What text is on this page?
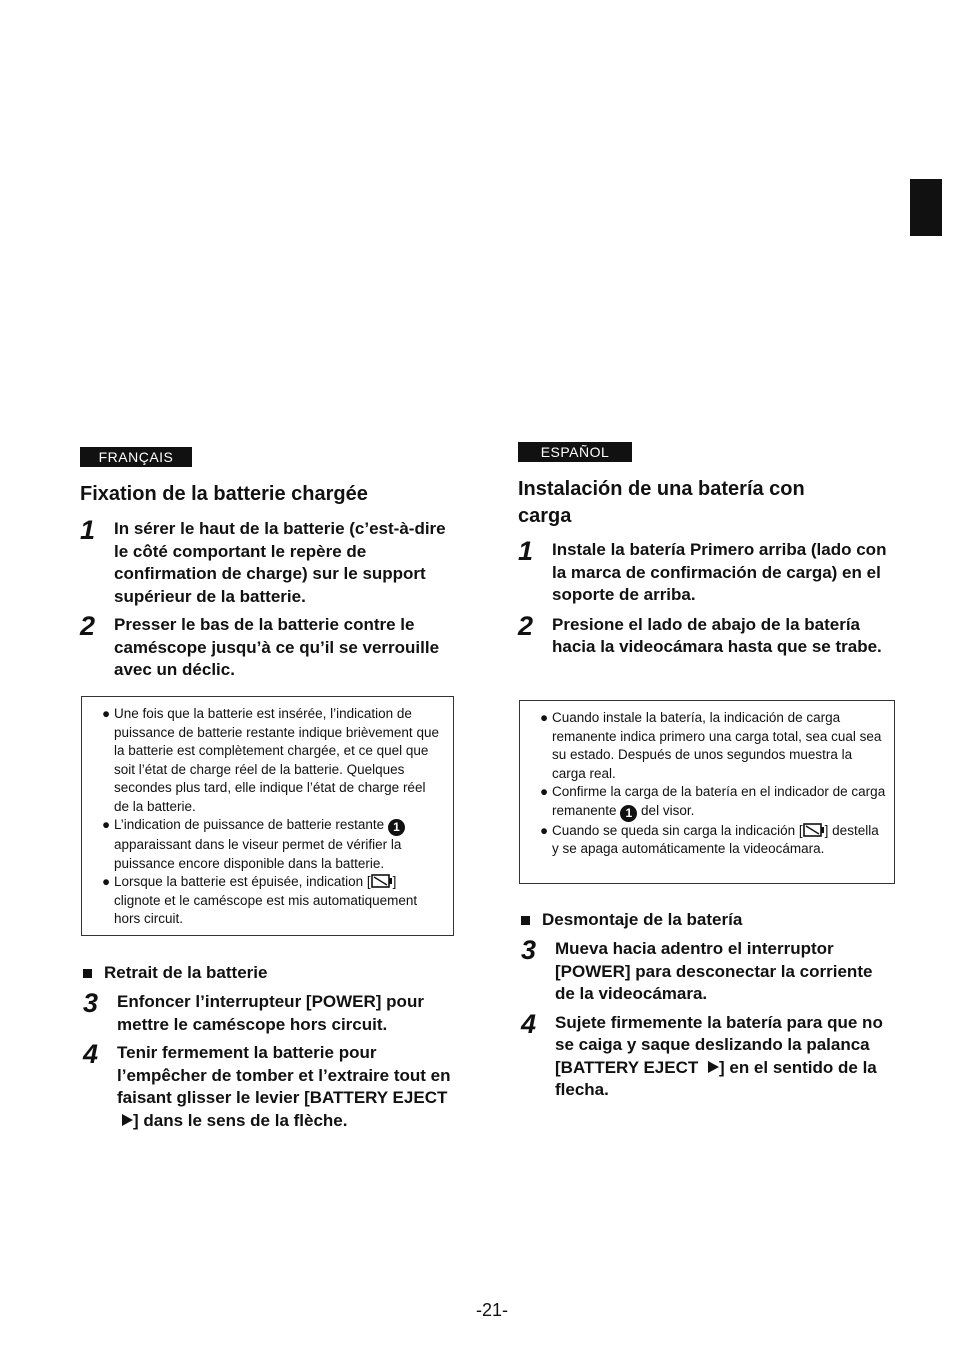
FRANÇAIS
Fixation de la batterie chargée
1 In sérer le haut de la batterie (c’est-à-dire le côté comportant le repère de confirmation de charge) sur le support supérieur de la batterie.
2 Presser le bas de la batterie contre le caméscope jusqu’à ce qu’il se verrouille avec un déclic.
● Une fois que la batterie est insérée, l’indication de puissance de batterie restante indique brièvement que la batterie est complètement chargée, et ce quel que soit l’état de charge réel de la batterie. Quelques secondes plus tard, elle indique l’état de charge réel de la batterie.
● L’indication de puissance de batterie restante 1 apparaissant dans le viseur permet de vérifier la puissance encore disponible dans la batterie.
● Lorsque la batterie est épuisée, indication [ ] clignote et le caméscope est mis automatiquement hors circuit.
Retrait de la batterie
3 Enfoncer l’interrupteur [POWER] pour mettre le caméscope hors circuit.
4 Tenir fermement la batterie pour l’empêcher de tomber et l’extraire tout en faisant glisser le levier [BATTERY EJECT ] dans le sens de la flèche.
ESPAÑOL
Instalación de una batería con carga
1 Instale la batería Primero arriba (lado con la marca de confirmación de carga) en el soporte de arriba.
2 Presione el lado de abajo de la batería hacia la videocámara hasta que se trabe.
● Cuando instale la batería, la indicación de carga remanente indica primero una carga total, sea cual sea su estado. Después de unos segundos muestra la carga real.
● Confirme la carga de la batería en el indicador de carga remanente 1 del visor.
● Cuando se queda sin carga la indicación [ ] destella y se apaga automáticamente la videocámara.
Desmontaje de la batería
3 Mueva hacia adentro el interruptor [POWER] para desconectar la corriente de la videocámara.
4 Sujete firmemente la batería para que no se caiga y saque deslizando la palanca [BATTERY EJECT ] en el sentido de la flecha.
-21-
